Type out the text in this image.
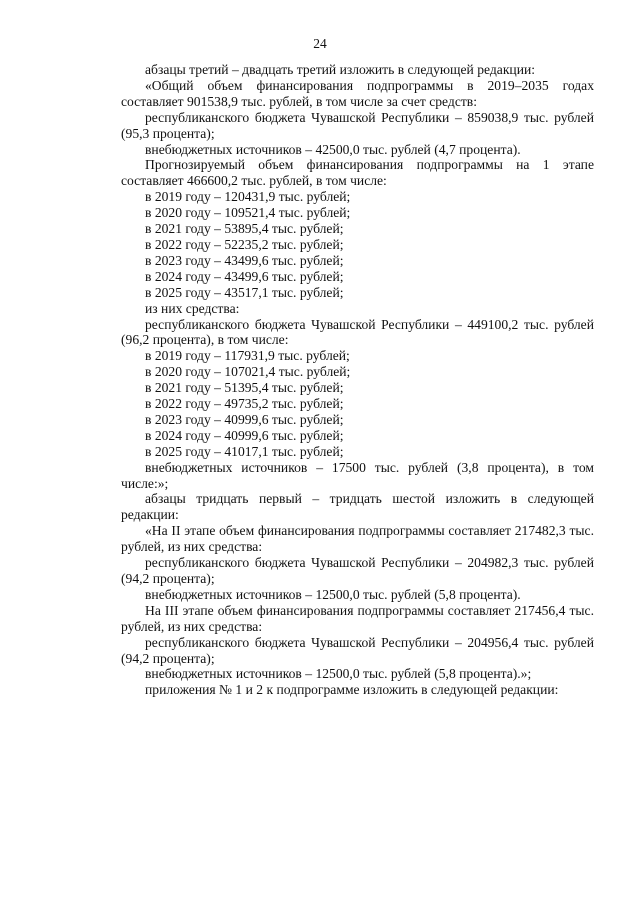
24

абзацы третий – двадцать третий изложить в следующей редакции:

«Общий объем финансирования подпрограммы в 2019–2035 годах составляет 901538,9 тыс. рублей, в том числе за счет средств:

республиканского бюджета Чувашской Республики – 859038,9 тыс. рублей (95,3 процента);

внебюджетных источников – 42500,0 тыс. рублей (4,7 процента).

Прогнозируемый объем финансирования подпрограммы на 1 этапе составляет 466600,2 тыс. рублей, в том числе:

в 2019 году – 120431,9 тыс. рублей;
в 2020 году – 109521,4 тыс. рублей;
в 2021 году – 53895,4 тыс. рублей;
в 2022 году – 52235,2 тыс. рублей;
в 2023 году – 43499,6 тыс. рублей;
в 2024 году – 43499,6 тыс. рублей;
в 2025 году – 43517,1 тыс. рублей;

из них средства:

республиканского бюджета Чувашской Республики – 449100,2 тыс. рублей (96,2 процента), в том числе:

в 2019 году – 117931,9 тыс. рублей;
в 2020 году – 107021,4 тыс. рублей;
в 2021 году – 51395,4 тыс. рублей;
в 2022 году – 49735,2 тыс. рублей;
в 2023 году – 40999,6 тыс. рублей;
в 2024 году – 40999,6 тыс. рублей;
в 2025 году – 41017,1 тыс. рублей;

внебюджетных источников – 17500 тыс. рублей (3,8 процента), в том числе:»;

абзацы тридцать первый – тридцать шестой изложить в следующей редакции:

«На II этапе объем финансирования подпрограммы составляет 217482,3 тыс. рублей, из них средства:

республиканского бюджета Чувашской Республики – 204982,3 тыс. рублей (94,2 процента);

внебюджетных источников – 12500,0 тыс. рублей (5,8 процента).

На III этапе объем финансирования подпрограммы составляет 217456,4 тыс. рублей, из них средства:

республиканского бюджета Чувашской Республики – 204956,4 тыс. рублей (94,2 процента);

внебюджетных источников – 12500,0 тыс. рублей (5,8 процента).»;

приложения № 1 и 2 к подпрограмме изложить в следующей редакции:
